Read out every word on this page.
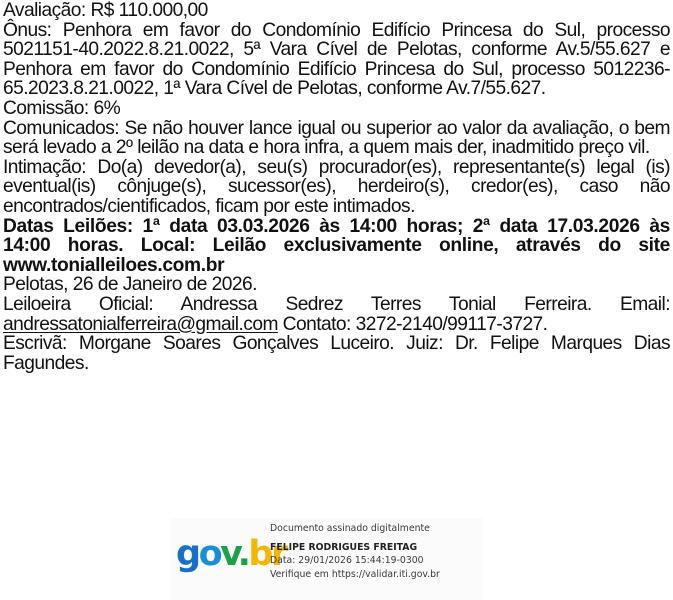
Avaliação: R$ 110.000,00

Ônus: Penhora em favor do Condomínio Edifício Princesa do Sul, processo 5021151-40.2022.8.21.0022, 5ª Vara Cível de Pelotas, conforme Av.5/55.627 e Penhora em favor do Condomínio Edifício Princesa do Sul, processo 5012236-65.2023.8.21.0022, 1ª Vara Cível de Pelotas, conforme Av.7/55.627.

Comissão: 6%

Comunicados: Se não houver lance igual ou superior ao valor da avaliação, o bem será levado a 2º leilão na data e hora infra, a quem mais der, inadmitido preço vil.

Intimação: Do(a) devedor(a), seu(s) procurador(es), representante(s) legal (is) eventual(is) cônjuge(s), sucessor(es), herdeiro(s), credor(es), caso não encontrados/cientificados, ficam por este intimados.

Datas Leilões: 1ª data 03.03.2026 às 14:00 horas; 2ª data 17.03.2026 às 14:00 horas. Local: Leilão exclusivamente online, através do site www.tonialleiloes.com.br

Pelotas, 26 de Janeiro de 2026.

Leiloeira Oficial: Andressa Sedrez Terres Tonial Ferreira. Email: andressatonialferreira@gmail.com Contato: 3272-2140/99117-3727.

Escrivã: Morgane Soares Gonçalves Luceiro. Juiz: Dr. Felipe Marques Dias Fagundes.

gov.br
Documento assinado digitalmente
FELIPE RODRIGUES FREITAG
Data: 29/01/2026 15:44:19-0300
Verifique em https://validar.iti.gov.br
